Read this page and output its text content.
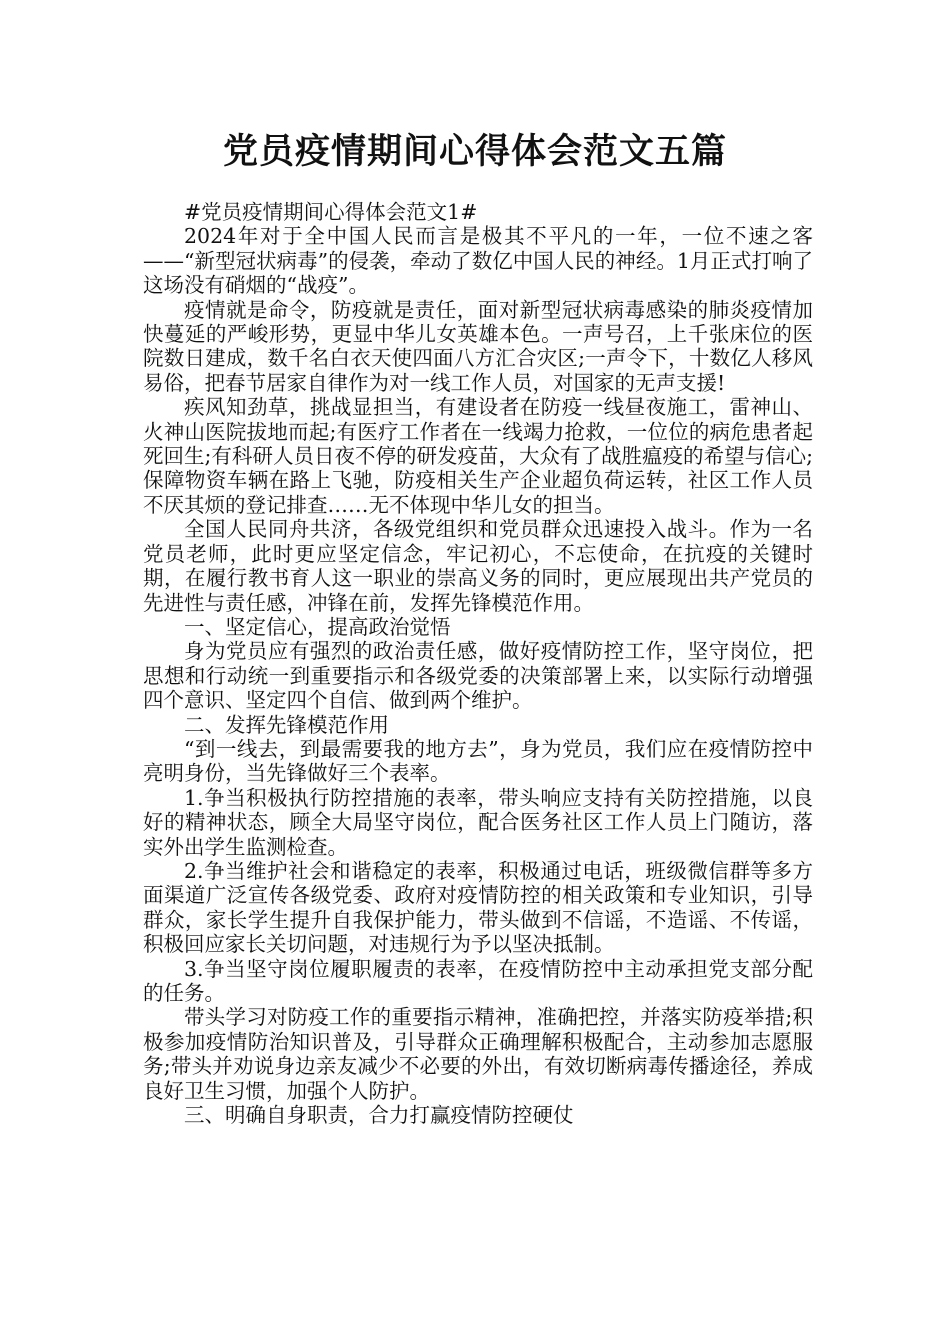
党员疫情期间心得体会范文五篇

#党员疫情期间心得体会范文1#

2024年对于全中国人民而言是极其不平凡的一年，一位不速之客——“新型冠状病毒”的侵袭，牵动了数亿中国人民的神经。1月正式打响了这场没有硝烟的“战疫”。

疫情就是命令，防疫就是责任，面对新型冠状病毒感染的肺炎疫情加快蔓延的严峻形势，更显中华儿女英雄本色。一声号召，上千张床位的医院数日建成，数千名白衣天使四面八方汇合灾区;一声令下，十数亿人移风易俗，把春节居家自律作为对一线工作人员，对国家的无声支援!

疾风知劲草，挑战显担当，有建设者在防疫一线昼夜施工，雷神山、火神山医院拔地而起;有医疗工作者在一线竭力抢救，一位位的病危患者起死回生;有科研人员日夜不停的研发疫苗，大众有了战胜瘟疫的希望与信心;保障物资车辆在路上飞驰，防疫相关生产企业超负荷运转，社区工作人员不厌其烦的登记排查……无不体现中华儿女的担当。

全国人民同舟共济，各级党组织和党员群众迅速投入战斗。作为一名党员老师，此时更应坚定信念，牢记初心，不忘使命，在抗疫的关键时期，在履行教书育人这一职业的崇高义务的同时，更应展现出共产党员的先进性与责任感，冲锋在前，发挥先锋模范作用。

一、坚定信心，提高政治觉悟

身为党员应有强烈的政治责任感，做好疫情防控工作，坚守岗位，把思想和行动统一到重要指示和各级党委的决策部署上来，以实际行动增强四个意识、坚定四个自信、做到两个维护。

二、发挥先锋模范作用

“到一线去，到最需要我的地方去”，身为党员，我们应在疫情防控中亮明身份，当先锋做好三个表率。

1.争当积极执行防控措施的表率，带头响应支持有关防控措施，以良好的精神状态，顾全大局坚守岗位，配合医务社区工作人员上门随访，落实外出学生监测检查。

2.争当维护社会和谐稳定的表率，积极通过电话，班级微信群等多方面渠道广泛宣传各级党委、政府对疫情防控的相关政策和专业知识，引导群众，家长学生提升自我保护能力，带头做到不信谣，不造谣、不传谣，积极回应家长关切问题，对违规行为予以坚决抵制。

3.争当坚守岗位履职履责的表率，在疫情防控中主动承担党支部分配的任务。

带头学习对防疫工作的重要指示精神，准确把控，并落实防疫举措;积极参加疫情防治知识普及，引导群众正确理解积极配合，主动参加志愿服务;带头并劝说身边亲友减少不必要的外出，有效切断病毒传播途径，养成良好卫生习惯，加强个人防护。

三、明确自身职责，合力打赢疫情防控硬仗
